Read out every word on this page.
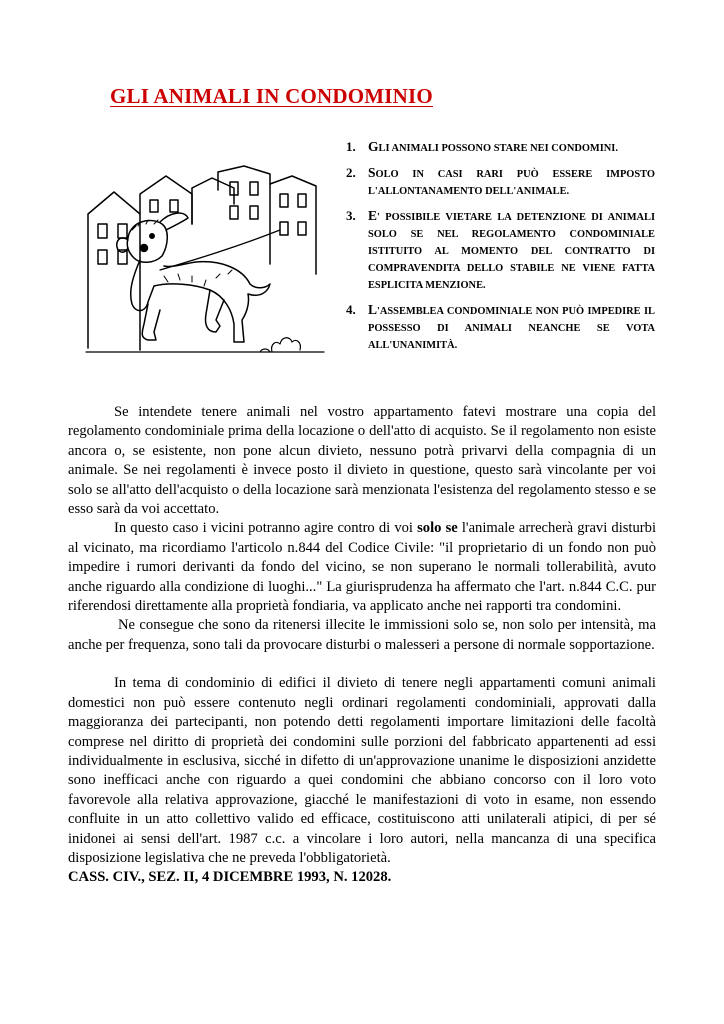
GLI ANIMALI IN CONDOMINIO
1. GLI ANIMALI POSSONO STARE NEI CONDOMINI.
2. SOLO IN CASI RARI PUÒ ESSERE IMPOSTO L'ALLONTANAMENTO DELL'ANIMALE.
3. E' POSSIBILE VIETARE LA DETENZIONE DI ANIMALI SOLO SE NEL REGOLAMENTO CONDOMINIALE ISTITUITO AL MOMENTO DEL CONTRATTO DI COMPRAVENDITA DELLO STABILE NE VIENE FATTA ESPLICITA MENZIONE.
4. L'ASSEMBLEA CONDOMINIALE NON PUÒ IMPEDIRE IL POSSESSO DI ANIMALI NEANCHE SE VOTA ALL'UNANIMITÀ.

Se intendete tenere animali nel vostro appartamento fatevi mostrare una copia del regolamento condominiale prima della locazione o dell'atto di acquisto. Se il regolamento non esiste ancora o, se esistente, non pone alcun divieto, nessuno potrà privarvi della compagnia di un animale. Se nei regolamenti è invece posto il divieto in questione, questo sarà vincolante per voi solo se all'atto dell'acquisto o della locazione sarà menzionata l'esistenza del regolamento stesso e se esso sarà da voi accettato.

In questo caso i vicini potranno agire contro di voi solo se l'animale arrecherà gravi disturbi al vicinato, ma ricordiamo l'articolo n.844 del Codice Civile: "il proprietario di un fondo non può impedire i rumori derivanti da fondo del vicino, se non superano le normali tollerabilità, avuto anche riguardo alla condizione di luoghi..." La giurisprudenza ha affermato che l'art. n.844 C.C. pur riferendosi direttamente alla proprietà fondiaria, va applicato anche nei rapporti tra condomini.

Ne consegue che sono da ritenersi illecite le immissioni solo se, non solo per intensità, ma anche per frequenza, sono tali da provocare disturbi o malesseri a persone di normale sopportazione.

In tema di condominio di edifici il divieto di tenere negli appartamenti comuni animali domestici non può essere contenuto negli ordinari regolamenti condominiali, approvati dalla maggioranza dei partecipanti, non potendo detti regolamenti importare limitazioni delle facoltà comprese nel diritto di proprietà dei condomini sulle porzioni del fabbricato appartenenti ad essi individualmente in esclusiva, sicché in difetto di un'approvazione unanime le disposizioni anzidette sono inefficaci anche con riguardo a quei condomini che abbiano concorso con il loro voto favorevole alla relativa approvazione, giacché le manifestazioni di voto in esame, non essendo confluite in un atto collettivo valido ed efficace, costituiscono atti unilaterali atipici, di per sé inidonei ai sensi dell'art. 1987 c.c. a vincolare i loro autori, nella mancanza di una specifica disposizione legislativa che ne preveda l'obbligatorietà.

CASS. CIV., SEZ. II, 4 DICEMBRE 1993, N. 12028.
